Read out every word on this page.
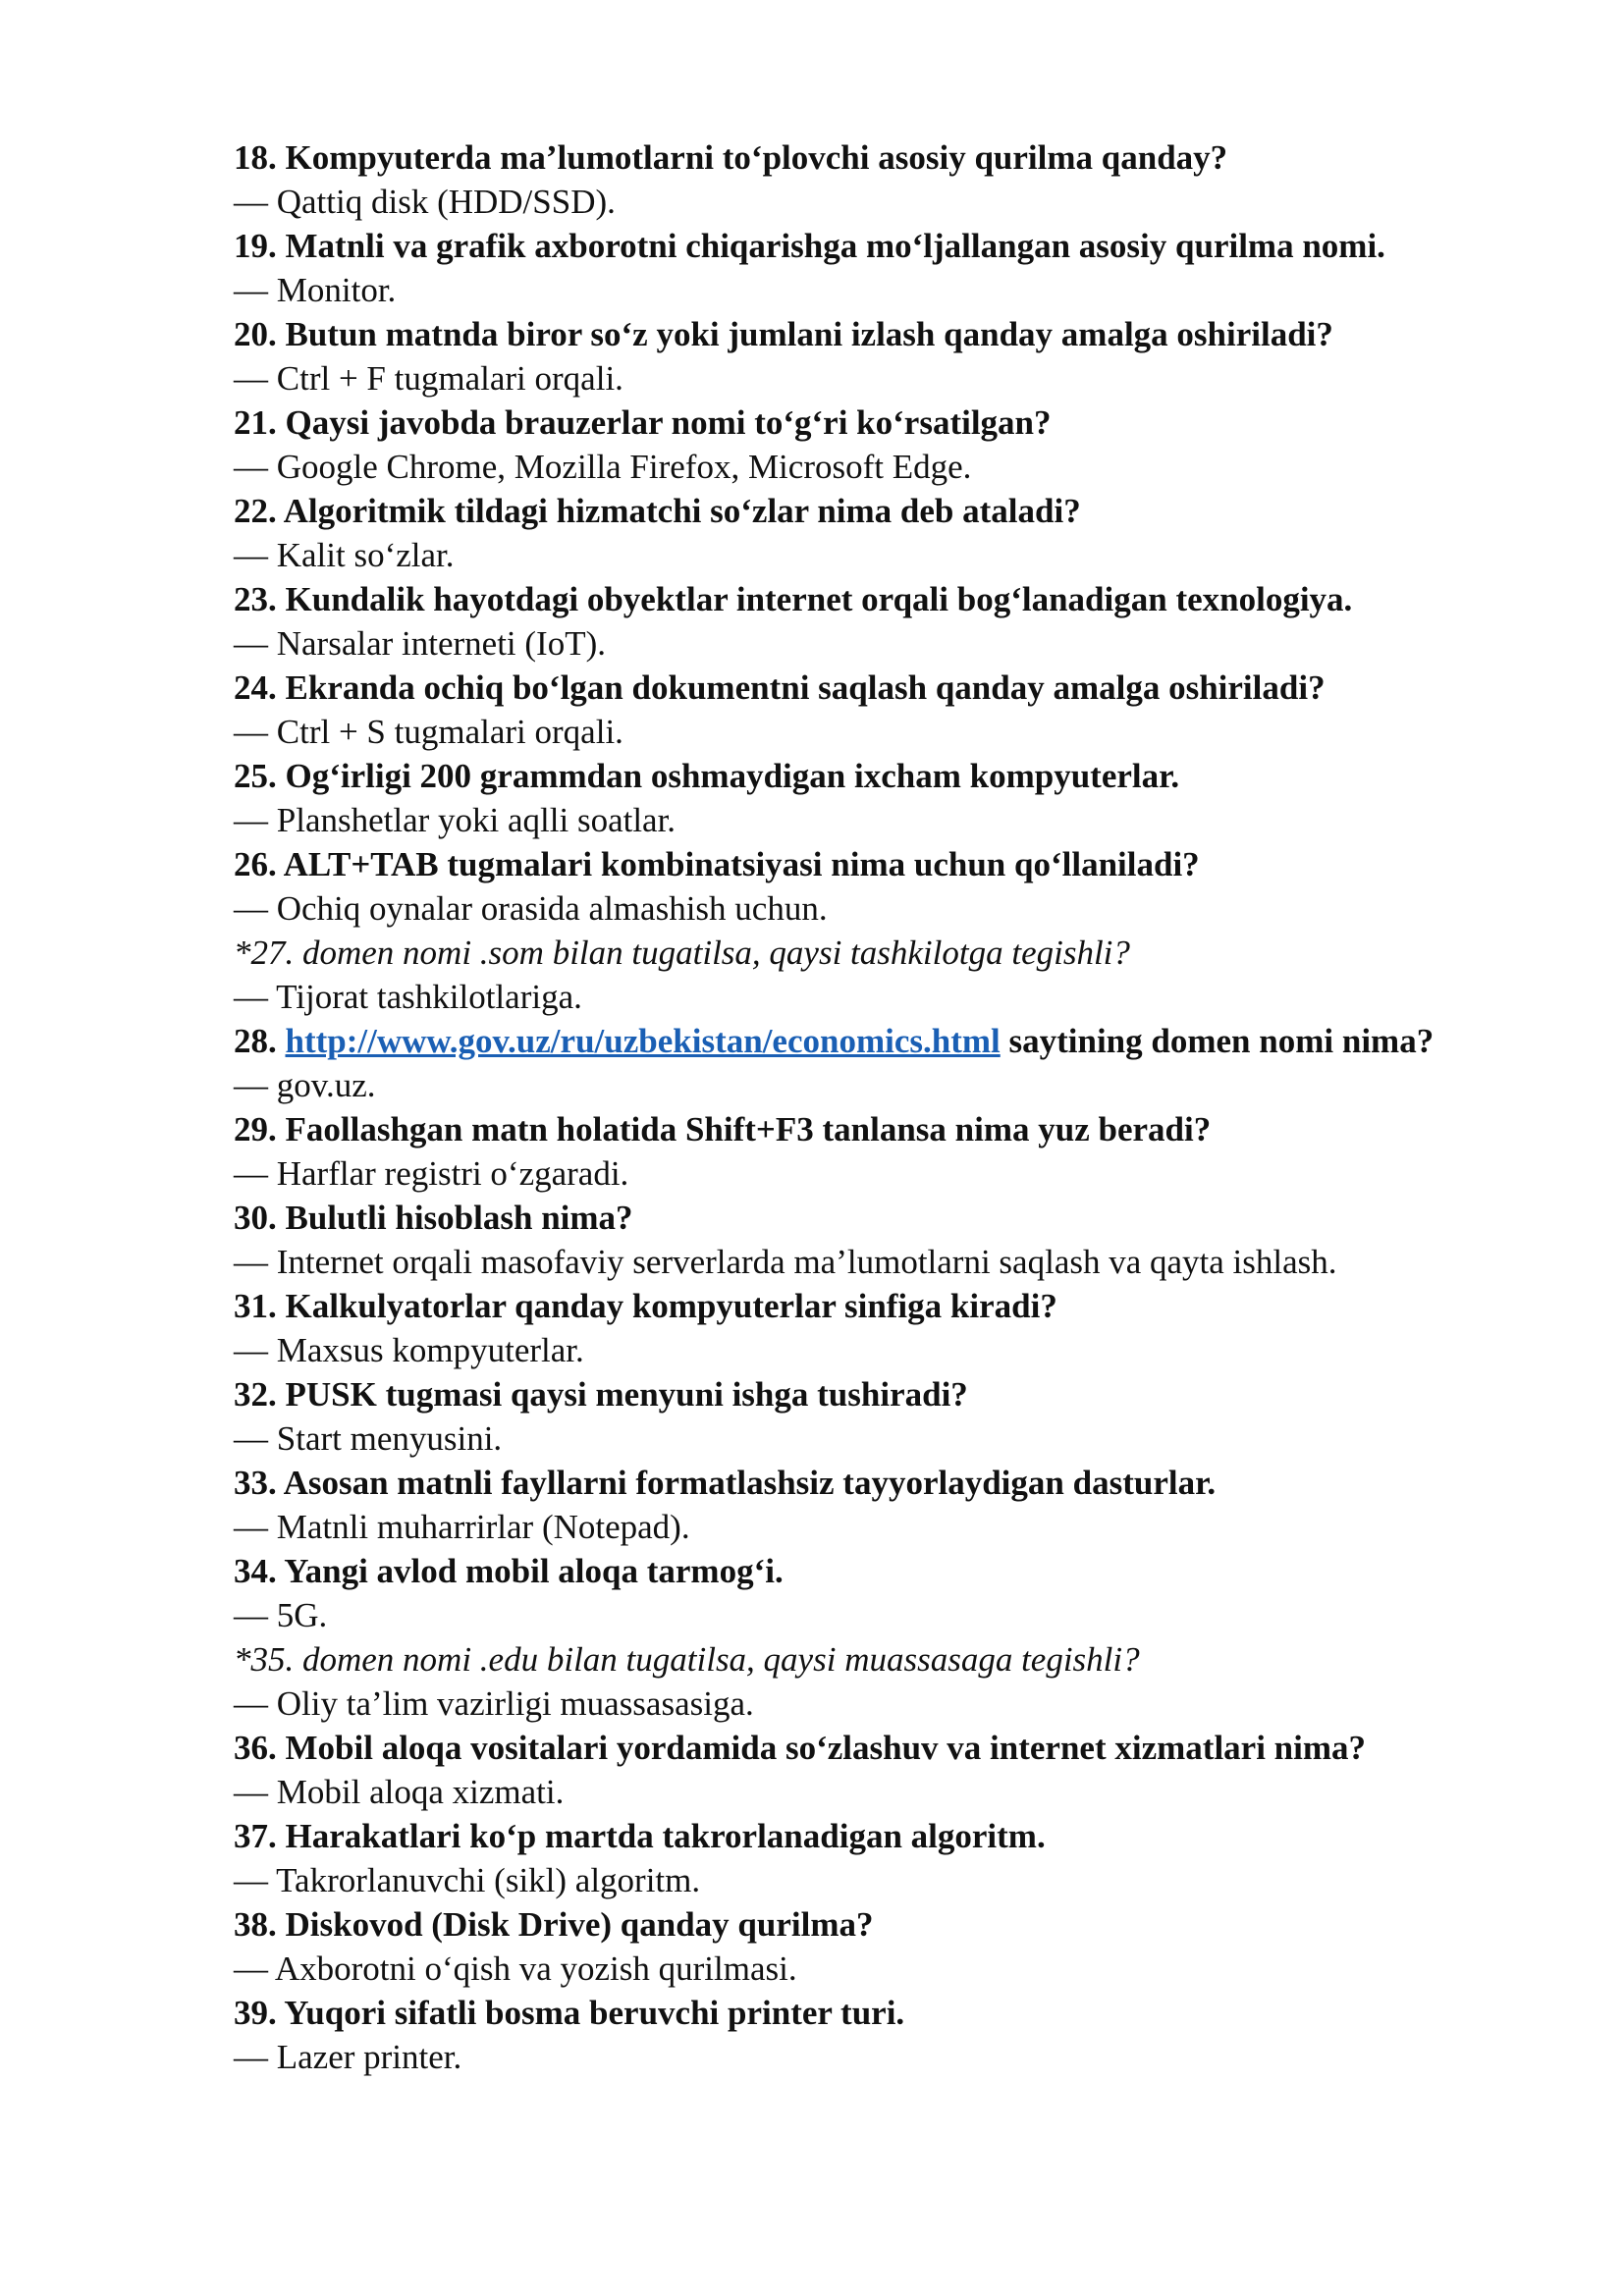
18. Kompyuterda ma’lumotlarni to‘plovchi asosiy qurilma qanday?
— Qattiq disk (HDD/SSD).
19. Matnli va grafik axborotni chiqarishga mo‘ljallangan asosiy qurilma nomi.
— Monitor.
20. Butun matnda biror so‘z yoki jumlani izlash qanday amalga oshiriladi?
— Ctrl + F tugmalari orqali.
21. Qaysi javobda brauzerlar nomi to‘g‘ri ko‘rsatilgan?
— Google Chrome, Mozilla Firefox, Microsoft Edge.
22. Algoritmik tildagi hizmatchi so‘zlar nima deb ataladi?
— Kalit so‘zlar.
23. Kundalik hayotdagi obyektlar internet orqali bog‘lanadigan texnologiya.
— Narsalar interneti (IoT).
24. Ekranda ochiq bo‘lgan dokumentni saqlash qanday amalga oshiriladi?
— Ctrl + S tugmalari orqali.
25. Og‘irligi 200 grammdan oshmaydigan ixcham kompyuterlar.
— Planshetlar yoki aqlli soatlar.
26. ALT+TAB tugmalari kombinatsiyasi nima uchun qo‘llaniladi?
— Ochiq oynalar orasida almashish uchun.
*27. domen nomi .som bilan tugatilsa, qaysi tashkilotga tegishli?
— Tijorat tashkilotlariga.
28. http://www.gov.uz/ru/uzbekistan/economics.html saytining domen nomi nima?
— gov.uz.
29. Faollashgan matn holatida Shift+F3 tanlansa nima yuz beradi?
— Harflar registri o‘zgaradi.
30. Bulutli hisoblash nima?
— Internet orqali masofaviy serverlarda ma’lumotlarni saqlash va qayta ishlash.
31. Kalkulyatorlar qanday kompyuterlar sinfiga kiradi?
— Maxsus kompyuterlar.
32. PUSK tugmasi qaysi menyuni ishga tushiradi?
— Start menyusini.
33. Asosan matnli fayllarni formatlashsiz tayyorlaydigan dasturlar.
— Matnli muharrirlar (Notepad).
34. Yangi avlod mobil aloqa tarmog‘i.
— 5G.
*35. domen nomi .edu bilan tugatilsa, qaysi muassasaga tegishli?
— Oliy ta’lim vazirligi muassasasiga.
36. Mobil aloqa vositalari yordamida so‘zlashuv va internet xizmatlari nima?
— Mobil aloqa xizmati.
37. Harakatlari ko‘p martda takrorlanadigan algoritm.
— Takrorlanuvchi (sikl) algoritm.
38. Diskovod (Disk Drive) qanday qurilma?
— Axborotni o‘qish va yozish qurilmasi.
39. Yuqori sifatli bosma beruvchi printer turi.
— Lazer printer.
